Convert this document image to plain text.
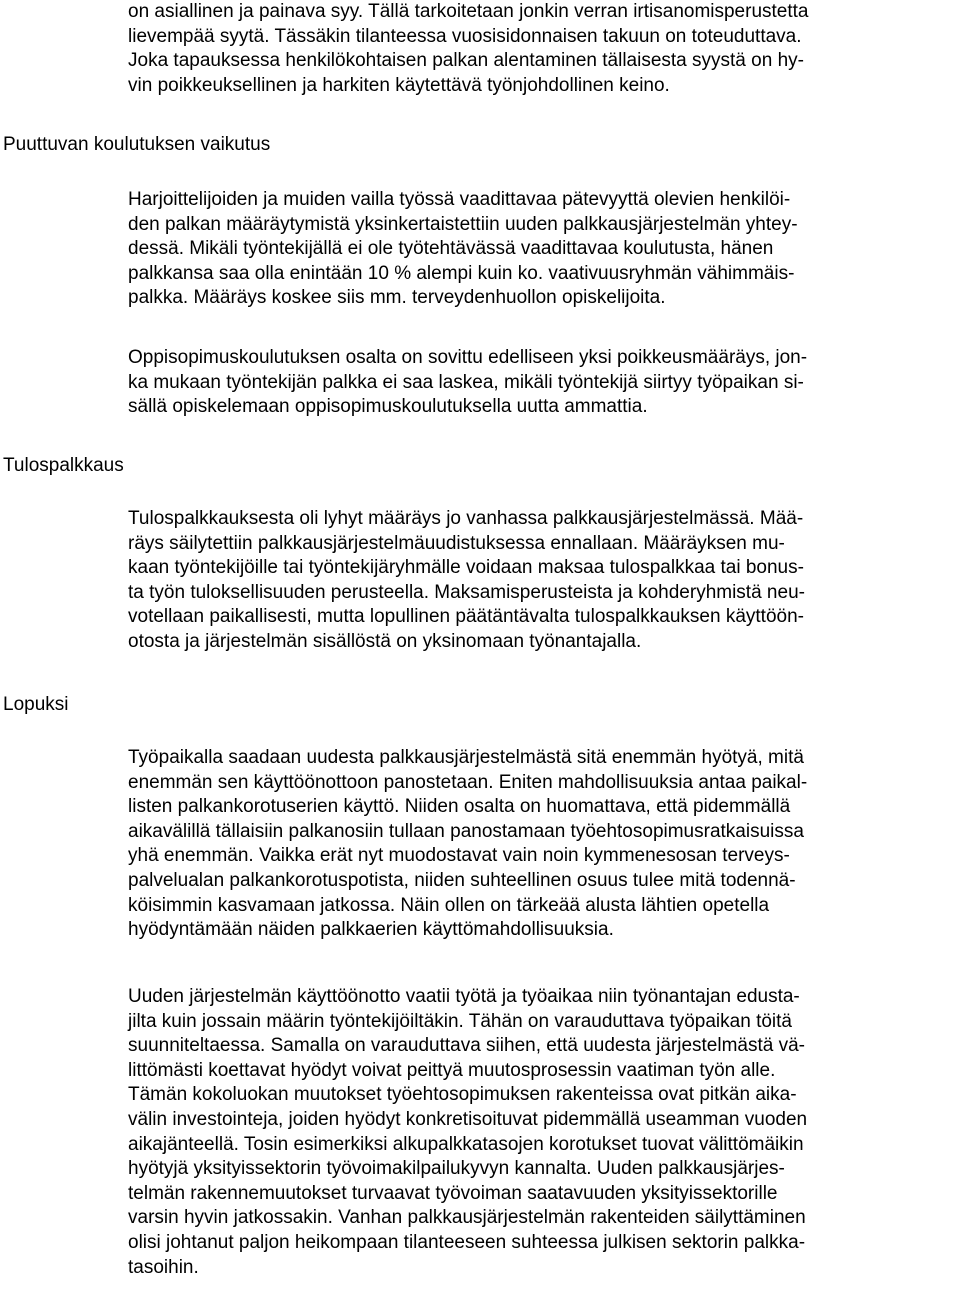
on asiallinen ja painava syy. Tällä tarkoitetaan jonkin verran irtisanomisperustetta
lievempää syytä. Tässäkin tilanteessa vuosisidonnaisen takuun on toteuduttava.
Joka tapauksessa henkilökohtaisen palkan alentaminen tällaisesta syystä on hy-
vin poikkeuksellinen ja harkiten käytettävä työnjohdollinen keino.
Puuttuvan koulutuksen vaikutus
Harjoittelijoiden ja muiden vailla työssä vaadittavaa pätevyyttä olevien henkilöi-
den palkan määräytymistä yksinkertaistettiin uuden palkkausjärjestelmän yhtey-
dessä. Mikäli työntekijällä ei ole työtehtävässä vaadittavaa koulutusta, hänen
palkkansa saa olla enintään 10 % alempi kuin ko. vaativuusryhmän vähimmäis-
palkka. Määräys koskee siis mm. terveydenhuollon opiskelijoita.
Oppisopimuskoulutuksen osalta on sovittu edelliseen yksi poikkeusmääräys, jon-
ka mukaan työntekijän palkka ei saa laskea, mikäli työntekijä siirtyy työpaikan si-
sällä opiskelemaan oppisopimuskoulutuksella uutta ammattia.
Tulospalkkaus
Tulospalkkauksesta oli lyhyt määräys jo vanhassa palkkausjärjestelmässä. Mää-
räys säilytettiin palkkausjärjestelmäuudistuksessa ennallaan. Määräyksen mu-
kaan työntekijöille tai työntekijäryhmälle voidaan maksaa tulospalkkaa tai bonus-
ta työn tuloksellisuuden perusteella. Maksamisperusteista ja kohderyhmistä neu-
votellaan paikallisesti, mutta lopullinen päätäntävalta tulospalkkauksen käyttöön-
otosta ja järjestelmän sisällöstä on yksinomaan työnantajalla.
Lopuksi
Työpaikalla saadaan uudesta palkkausjärjestelmästä sitä enemmän hyötyä, mitä
enemmän sen käyttöönottoon panostetaan. Eniten mahdollisuuksia antaa paikal-
listen palkankorotuserien käyttö. Niiden osalta on huomattava, että pidemmällä
aikavälillä tällaisiin palkanosiin tullaan panostamaan työehtosopimusratkaisuissa
yhä enemmän. Vaikka erät nyt muodostavat vain noin kymmenesosan terveys-
palvelualan palkankorotuspotista, niiden suhteellinen osuus tulee mitä todennä-
köisimmin kasvamaan jatkossa. Näin ollen on tärkeää alusta lähtien opetella
hyödyntämään näiden palkkaerien käyttömahdollisuuksia.
Uuden järjestelmän käyttöönotto vaatii työtä ja työaikaa niin työnantajan edusta-
jilta kuin jossain määrin työntekijöiltäkin. Tähän on varauduttava työpaikan töitä
suunniteltaessa. Samalla on varauduttava siihen, että uudesta järjestelmästä vä-
littömästi koettavat hyödyt voivat peittyä muutosprosessin vaatiman työn alle.
Tämän kokoluokan muutokset työehtosopimuksen rakenteissa ovat pitkän aika-
välin investointeja, joiden hyödyt konkretisoituvat pidemmällä useamman vuoden
aikajänteellä. Tosin esimerkiksi alkupalkkatasojen korotukset tuovat välittömäikin
hyötyjä yksityissektorin työvoimakilpailukyvyn kannalta. Uuden palkkausjärjes-
telmän rakennemuutokset turvaavat työvoiman saatavuuden yksityissektorille
varsin hyvin jatkossakin. Vanhan palkkausjärjestelmän rakenteiden säilyttäminen
olisi johtanut paljon heikompaan tilanteeseen suhteessa julkisen sektorin palkka-
tasoihin.
